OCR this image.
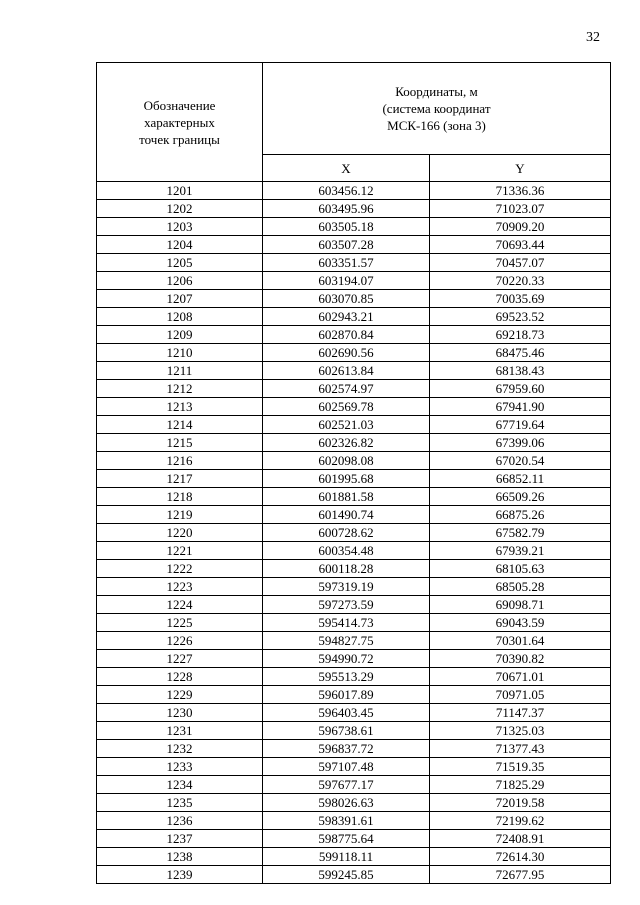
32
Обозначение
характерных
точек границы	Координаты, м
(система координат
МСК-166 (зона 3)	

	X	Y
1201	603456.12	71336.36
1202	603495.96	71023.07
1203	603505.18	70909.20
1204	603507.28	70693.44
1205	603351.57	70457.07
1206	603194.07	70220.33
1207	603070.85	70035.69
1208	602943.21	69523.52
1209	602870.84	69218.73
1210	602690.56	68475.46
1211	602613.84	68138.43
1212	602574.97	67959.60
1213	602569.78	67941.90
1214	602521.03	67719.64
1215	602326.82	67399.06
1216	602098.08	67020.54
1217	601995.68	66852.11
1218	601881.58	66509.26
1219	601490.74	66875.26
1220	600728.62	67582.79
1221	600354.48	67939.21
1222	600118.28	68105.63
1223	597319.19	68505.28
1224	597273.59	69098.71
1225	595414.73	69043.59
1226	594827.75	70301.64
1227	594990.72	70390.82
1228	595513.29	70671.01
1229	596017.89	70971.05
1230	596403.45	71147.37
1231	596738.61	71325.03
1232	596837.72	71377.43
1233	597107.48	71519.35
1234	597677.17	71825.29
1235	598026.63	72019.58
1236	598391.61	72199.62
1237	598775.64	72408.91
1238	599118.11	72614.30
1239	599245.85	72677.95
